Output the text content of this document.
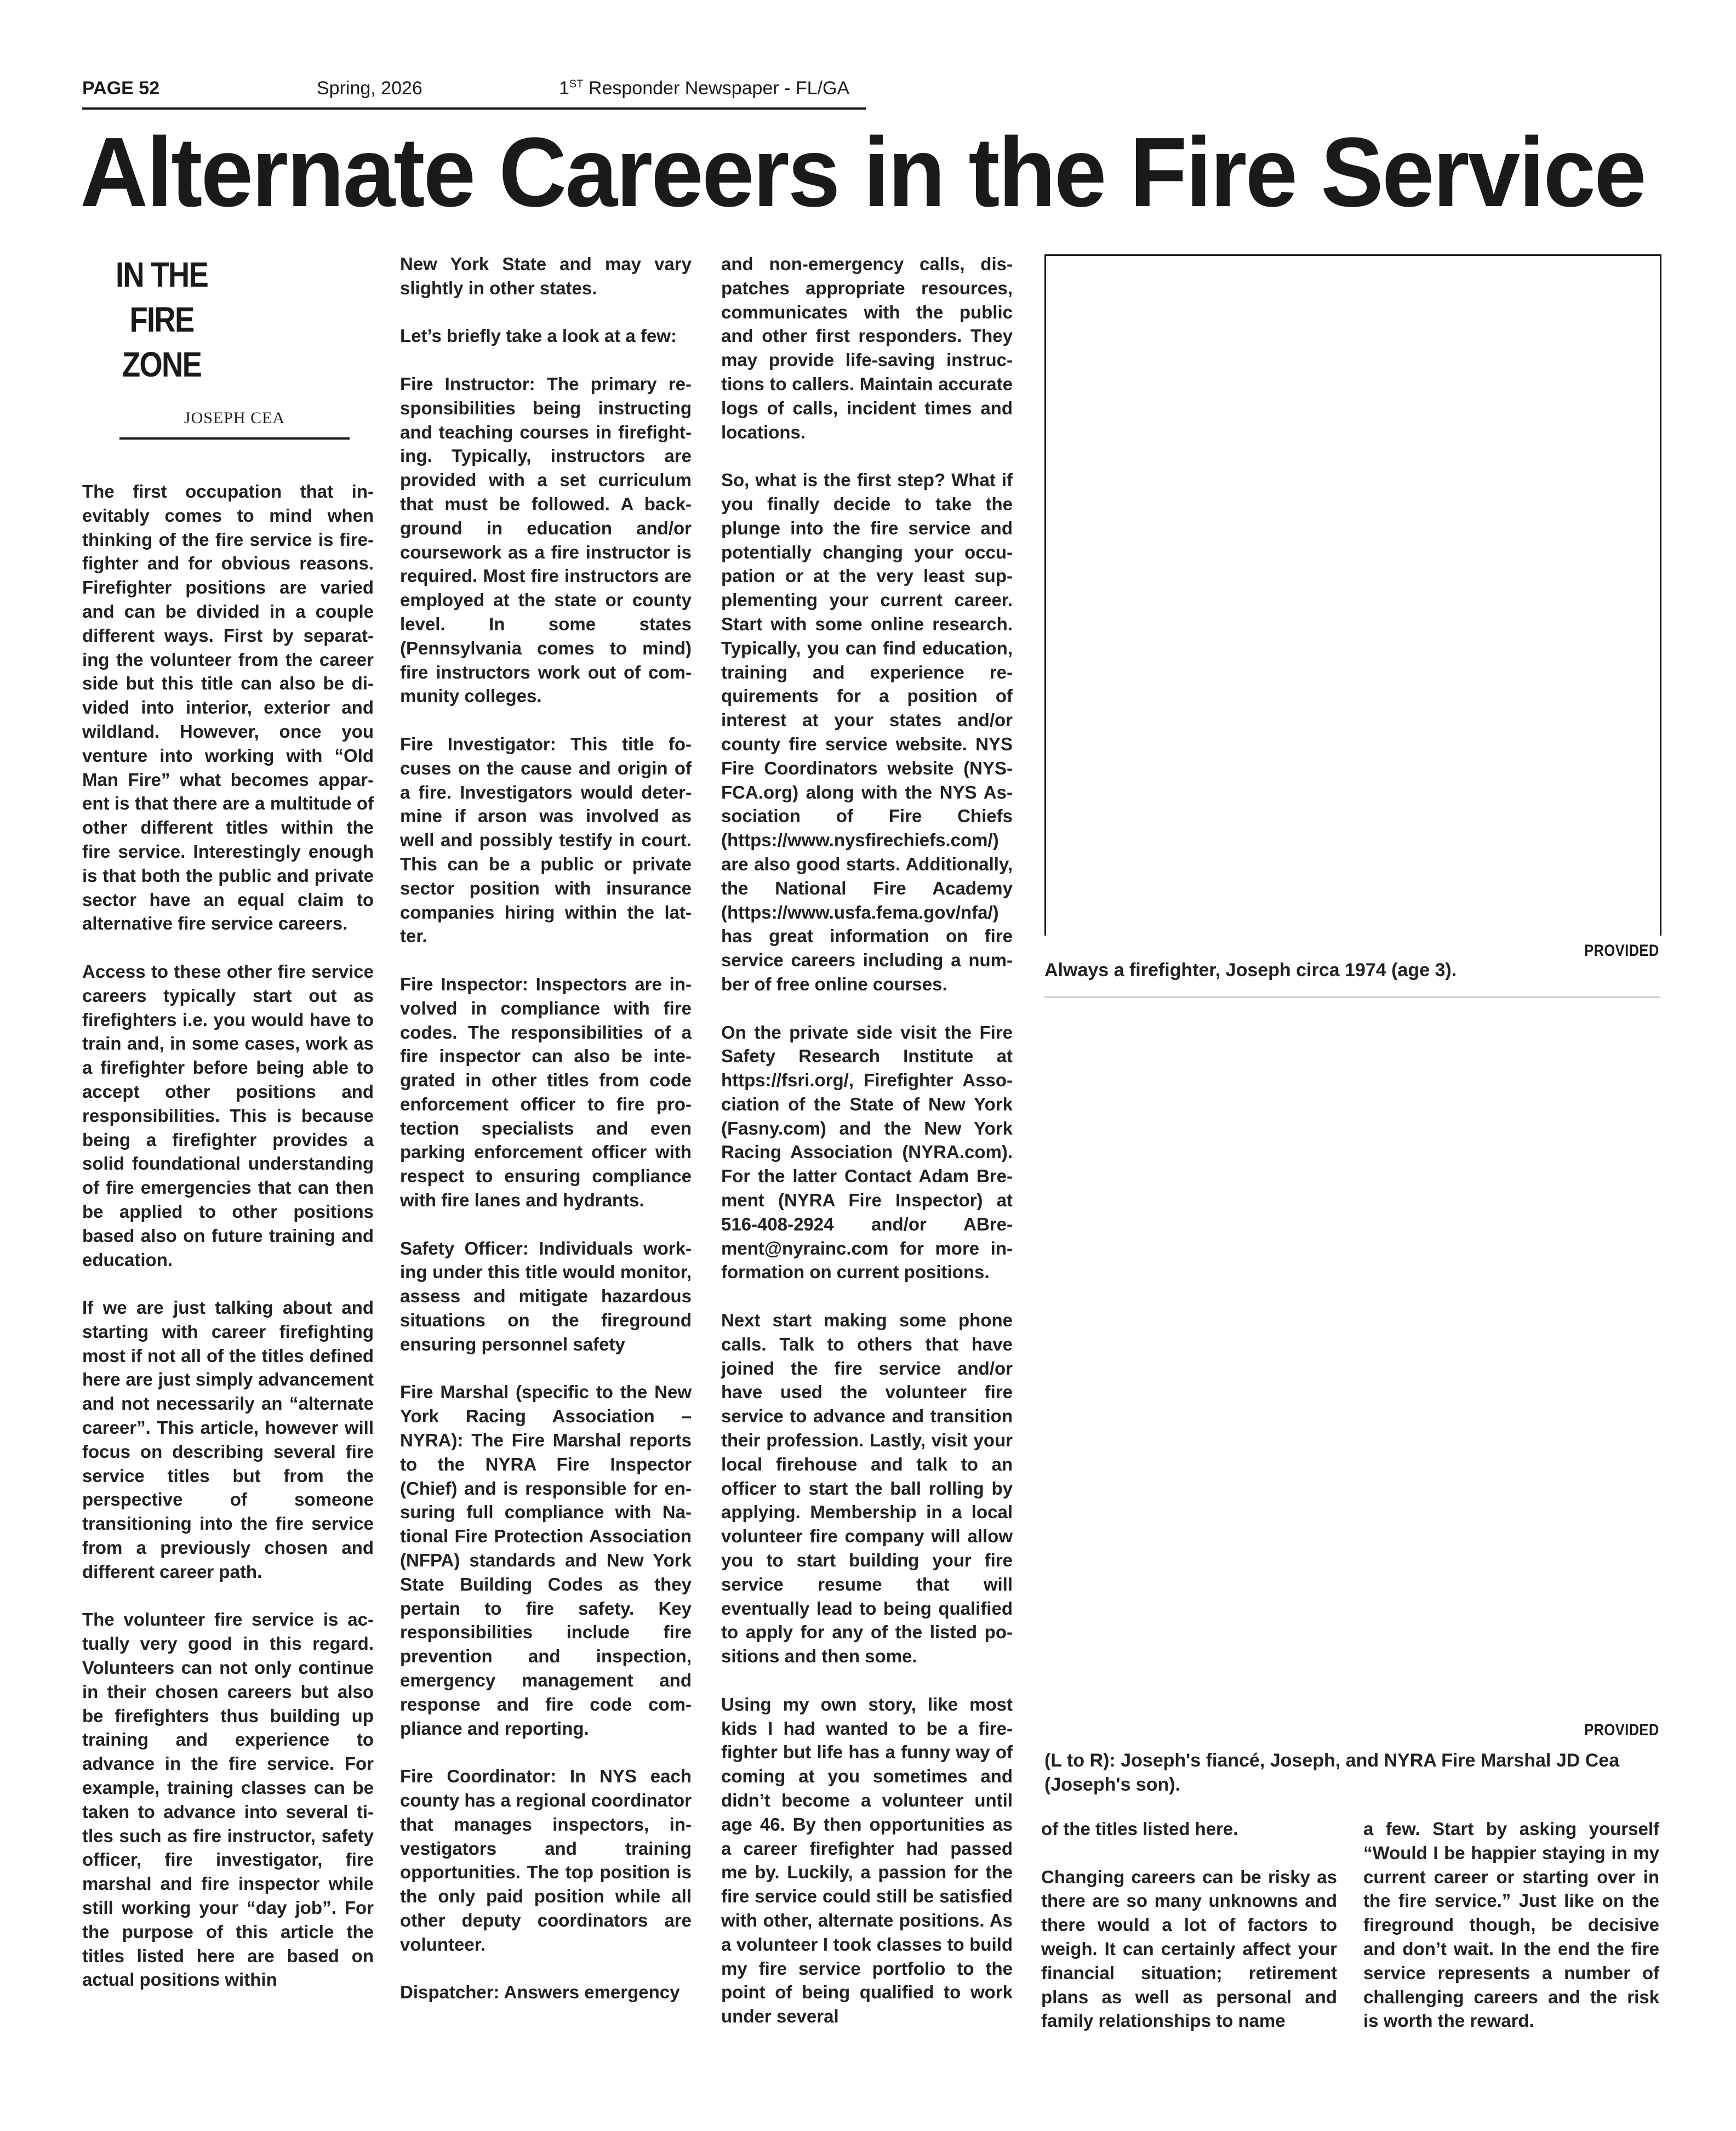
PAGE 52	Spring, 2026	1ST Responder Newspaper - FL/GA
Alternate Careers in the Fire Service
IN THE
FIRE
ZONE
JOSEPH CEA

The first occupation that inevitably comes to mind when thinking of the fire service is firefighter and for obvious reasons. Firefighter positions are varied and can be divided in a couple different ways. First by separating the volunteer from the career side but this title can also be divided into interior, exterior and wildland. However, once you venture into working with “Old Man Fire” what becomes apparent is that there are a multitude of other different titles within the fire service. Interestingly enough is that both the public and private sector have an equal claim to alternative fire service careers.

Access to these other fire service careers typically start out as firefighters i.e. you would have to train and, in some cases, work as a firefighter before being able to accept other positions and responsibilities. This is because being a firefighter provides a solid foundational understanding of fire emergencies that can then be applied to other positions based also on future training and education.

If we are just talking about and starting with career firefighting most if not all of the titles defined here are just simply advancement and not necessarily an “alternate career”. This article, however will focus on describing several fire service titles but from the perspective of someone transitioning into the fire service from a previously chosen and different career path.

The volunteer fire service is actually very good in this regard. Volunteers can not only continue in their chosen careers but also be firefighters thus building up training and experience to advance in the fire service. For example, training classes can be taken to advance into several titles such as fire instructor, safety officer, fire investigator, fire marshal and fire inspector while still working your “day job”. For the purpose of this article the titles listed here are based on actual positions within

New York State and may vary slightly in other states.

Let’s briefly take a look at a few:

Fire Instructor: The primary responsibilities being instructing and teaching courses in firefighting. Typically, instructors are provided with a set curriculum that must be followed. A background in education and/or coursework as a fire instructor is required. Most fire instructors are employed at the state or county level. In some states (Pennsylvania comes to mind) fire instructors work out of community colleges.

Fire Investigator: This title focuses on the cause and origin of a fire. Investigators would determine if arson was involved as well and possibly testify in court. This can be a public or private sector position with insurance companies hiring within the latter.

Fire Inspector: Inspectors are involved in compliance with fire codes. The responsibilities of a fire inspector can also be integrated in other titles from code enforcement officer to fire protection specialists and even parking enforcement officer with respect to ensuring compliance with fire lanes and hydrants.

Safety Officer: Individuals working under this title would monitor, assess and mitigate hazardous situations on the fireground ensuring personnel safety

Fire Marshal (specific to the New York Racing Association – NYRA): The Fire Marshal reports to the NYRA Fire Inspector (Chief) and is responsible for ensuring full compliance with National Fire Protection Association (NFPA) standards and New York State Building Codes as they pertain to fire safety. Key responsibilities include fire prevention and inspection, emergency management and response and fire code compliance and reporting.

Fire Coordinator: In NYS each county has a regional coordinator that manages inspectors, investigators and training opportunities. The top position is the only paid position while all other deputy coordinators are volunteer.

Dispatcher: Answers emergency

and non-emergency calls, dispatches appropriate resources, communicates with the public and other first responders. They may provide life-saving instructions to callers. Maintain accurate logs of calls, incident times and locations.

So, what is the first step? What if you finally decide to take the plunge into the fire service and potentially changing your occupation or at the very least supplementing your current career. Start with some online research. Typically, you can find education, training and experience requirements for a position of interest at your states and/or county fire service website. NYS Fire Coordinators website (NYSFCA.org) along with the NYS Association of Fire Chiefs (https://www.nysfirechiefs.com/) are also good starts. Additionally, the National Fire Academy (https://www.usfa.fema.gov/nfa/) has great information on fire service careers including a number of free online courses.

On the private side visit the Fire Safety Research Institute at https://fsri.org/, Firefighter Association of the State of New York (Fasny.com) and the New York Racing Association (NYRA.com). For the latter Contact Adam Brement (NYRA Fire Inspector) at 516-408-2924 and/or ABrement@nyrainc.com for more information on current positions.

Next start making some phone calls. Talk to others that have joined the fire service and/or have used the volunteer fire service to advance and transition their profession. Lastly, visit your local firehouse and talk to an officer to start the ball rolling by applying. Membership in a local volunteer fire company will allow you to start building your fire service resume that will eventually lead to being qualified to apply for any of the listed positions and then some.

Using my own story, like most kids I had wanted to be a firefighter but life has a funny way of coming at you sometimes and didn’t become a volunteer until age 46. By then opportunities as a career firefighter had passed me by. Luckily, a passion for the fire service could still be satisfied with other, alternate positions. As a volunteer I took classes to build my fire service portfolio to the point of being qualified to work under several

PROVIDED
Always a firefighter, Joseph circa 1974 (age 3).
PROVIDED
(L to R): Joseph's fiancé, Joseph, and NYRA Fire Marshal JD Cea (Joseph's son).

of the titles listed here.

Changing careers can be risky as there are so many unknowns and there would a lot of factors to weigh. It can certainly affect your financial situation; retirement plans as well as personal and family relationships to name

a few. Start by asking yourself “Would I be happier staying in my current career or starting over in the fire service.” Just like on the fireground though, be decisive and don’t wait. In the end the fire service represents a number of challenging careers and the risk is worth the reward.
